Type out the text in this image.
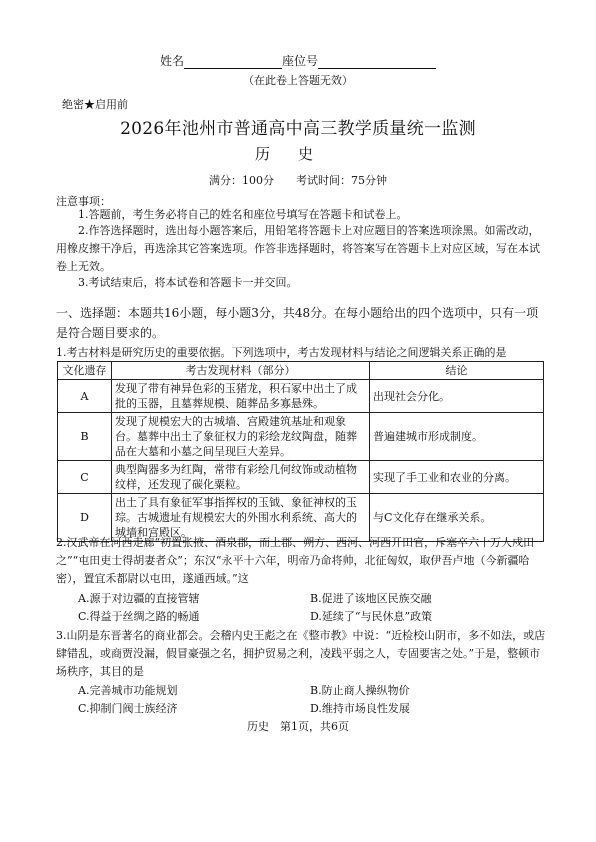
姓名	座位号
（在此卷上答题无效）
绝密★启用前
2026年池州市普通高中高三教学质量统一监测
历史
满分：100分 考试时间：75分钟
注意事项：
1.答题前，考生务必将自己的姓名和座位号填写在答题卡和试卷上。
2.作答选择题时，选出每小题答案后，用铅笔将答题卡上对应题目的答案选项涂黑。如需改动，用橡皮擦干净后，再选涂其它答案选项。作答非选择题时，将答案写在答题卡上对应区域，写在本试卷上无效。
3.考试结束后，将本试卷和答题卡一并交回。
一、选择题：本题共16小题，每小题3分，共48分。在每小题给出的四个选项中，只有一项是符合题目要求的。
1.考古材料是研究历史的重要依据。下列选项中，考古发现材料与结论之间逻辑关系正确的是
文化遗存	考古发现材料（部分）	结论
A	发现了带有神异色彩的玉猪龙，积石冢中出土了成批的玉器，且墓葬规模、随葬品多寡悬殊。	出现社会分化。
B	发现了规模宏大的古城墙、宫殿建筑基址和观象台。墓葬中出土了象征权力的彩绘龙纹陶盘，随葬品在大墓和小墓之间呈现巨大差异。	普遍建城市形成制度。
C	典型陶器多为红陶，常带有彩绘几何纹饰或动植物纹样，还发现了碳化粟粒。	实现了手工业和农业的分离。
D	出土了具有象征军事指挥权的玉钺、象征神权的玉琮。古城遗址有规模宏大的外围水利系统、高大的城墙和宫殿区。	与C文化存在继承关系。
2.汉武帝在河西走廊“初置张掖、酒泉郡，而上郡、朔方、西河、河西开田官，斥塞卒六十万人戍田之”“屯田吏士得胡妻者众”；东汉“永平十六年，明帝乃命将帅，北征匈奴，取伊吾卢地（今新疆哈密），置宜禾都尉以屯田，遂通西域。”这
A.源于对边疆的直接管辖	B.促进了该地区民族交融
C.得益于丝绸之路的畅通	D.延续了“与民休息”政策
3.山阴是东晋著名的商业都会。会稽内史王彪之在《整市教》中说：“近检校山阴市，多不如法，或店肆错乱，或商贾没漏，假冒豪强之名，拥护贸易之利，凌践平弱之人，专固要害之处。”于是，整顿市场秩序，其目的是
A.完善城市功能规划	B.防止商人操纵物价
C.抑制门阀士族经济	D.维持市场良性发展
历史　第1页，共6页
